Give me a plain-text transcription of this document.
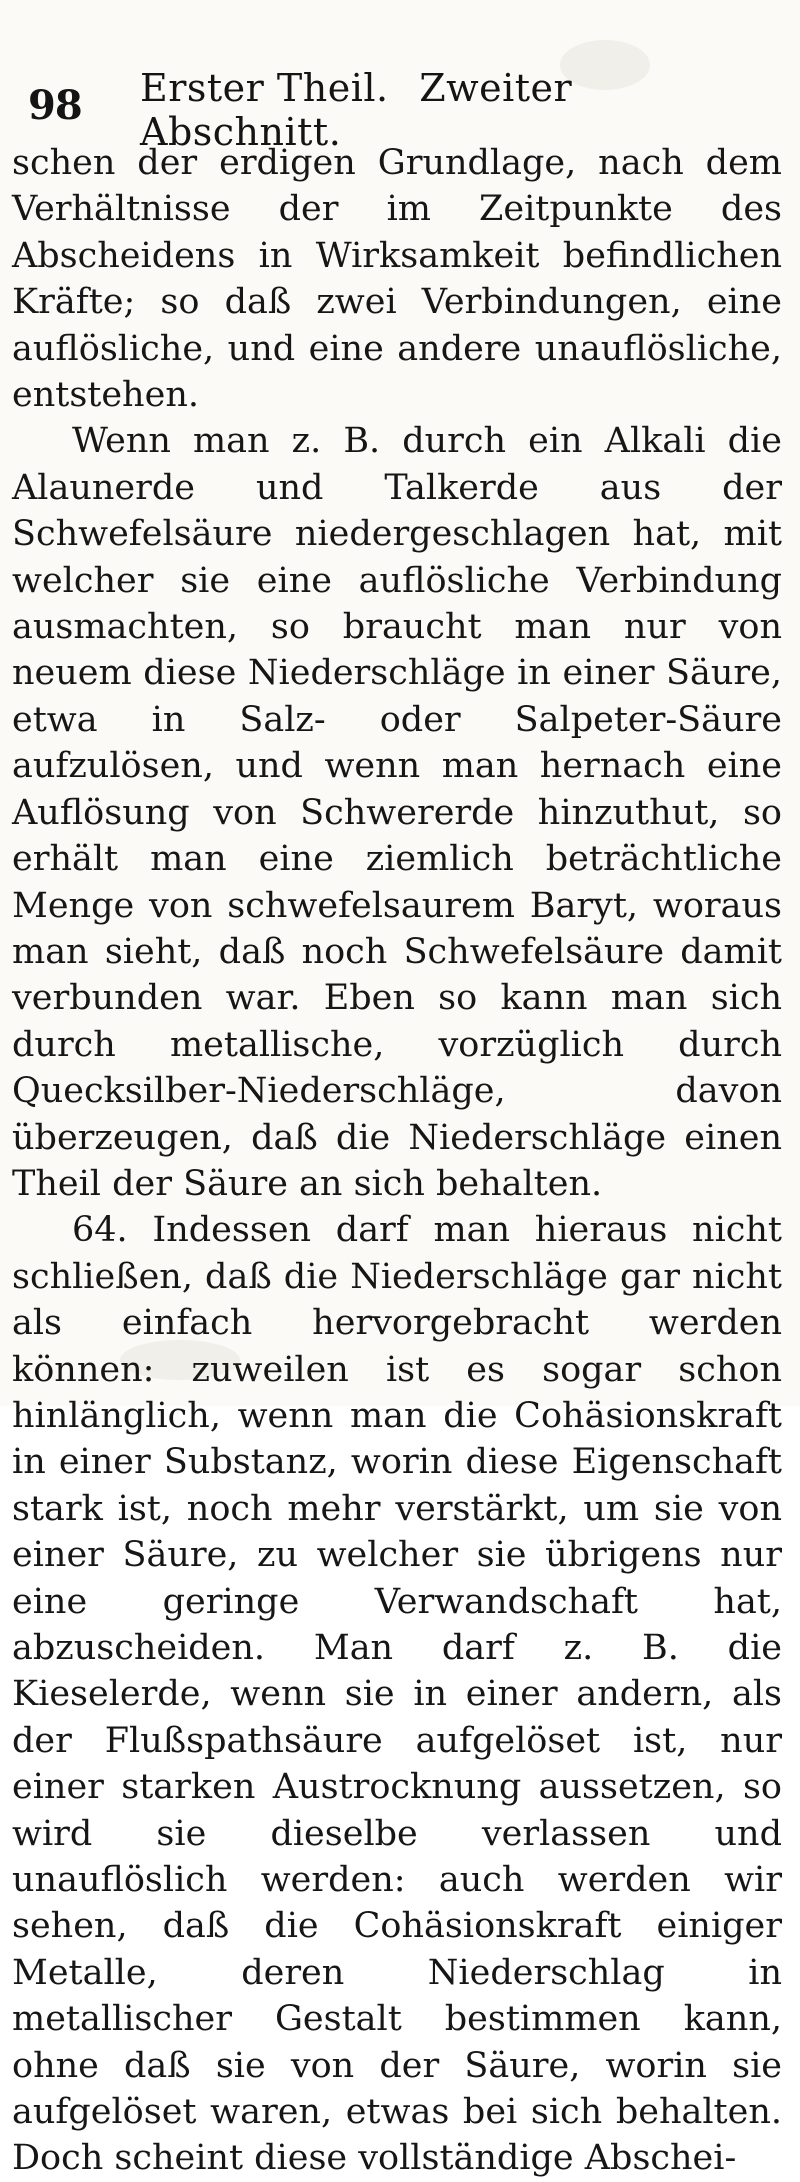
98 Erster Theil. Zweiter Abschnitt.

schen der erdigen Grundlage, nach dem Verhältnisse der im Zeitpunkte des Abscheidens in Wirksamkeit befindlichen Kräfte; so daß zwei Verbindungen, eine auflösliche, und eine andere unauflösliche, entstehen.

Wenn man z. B. durch ein Alkali die Alaunerde und Talkerde aus der Schwefelsäure niedergeschlagen hat, mit welcher sie eine auflösliche Verbindung ausmachten, so braucht man nur von neuem diese Niederschläge in einer Säure, etwa in Salz- oder Salpeter-Säure aufzulösen, und wenn man hernach eine Auflösung von Schwererde hinzuthut, so erhält man eine ziemlich beträchtliche Menge von schwefelsaurem Baryt, woraus man sieht, daß noch Schwefelsäure damit verbunden war. Eben so kann man sich durch metallische, vorzüglich durch Quecksilber-Niederschläge, davon überzeugen, daß die Niederschläge einen Theil der Säure an sich behalten.

64. Indessen darf man hieraus nicht schließen, daß die Niederschläge gar nicht als einfach hervorgebracht werden können: zuweilen ist es sogar schon hinlänglich, wenn man die Cohäsionskraft in einer Substanz, worin diese Eigenschaft stark ist, noch mehr verstärkt, um sie von einer Säure, zu welcher sie übrigens nur eine geringe Verwandschaft hat, abzuscheiden. Man darf z. B. die Kieselerde, wenn sie in einer andern, als der Flußspathsäure aufgelöset ist, nur einer starken Austrocknung aussetzen, so wird sie dieselbe verlassen und unauflöslich werden: auch werden wir sehen, daß die Cohäsionskraft einiger Metalle, deren Niederschlag in metallischer Gestalt bestimmen kann, ohne daß sie von der Säure, worin sie aufgelöset waren, etwas bei sich behalten. Doch scheint diese vollständige Abschei-
